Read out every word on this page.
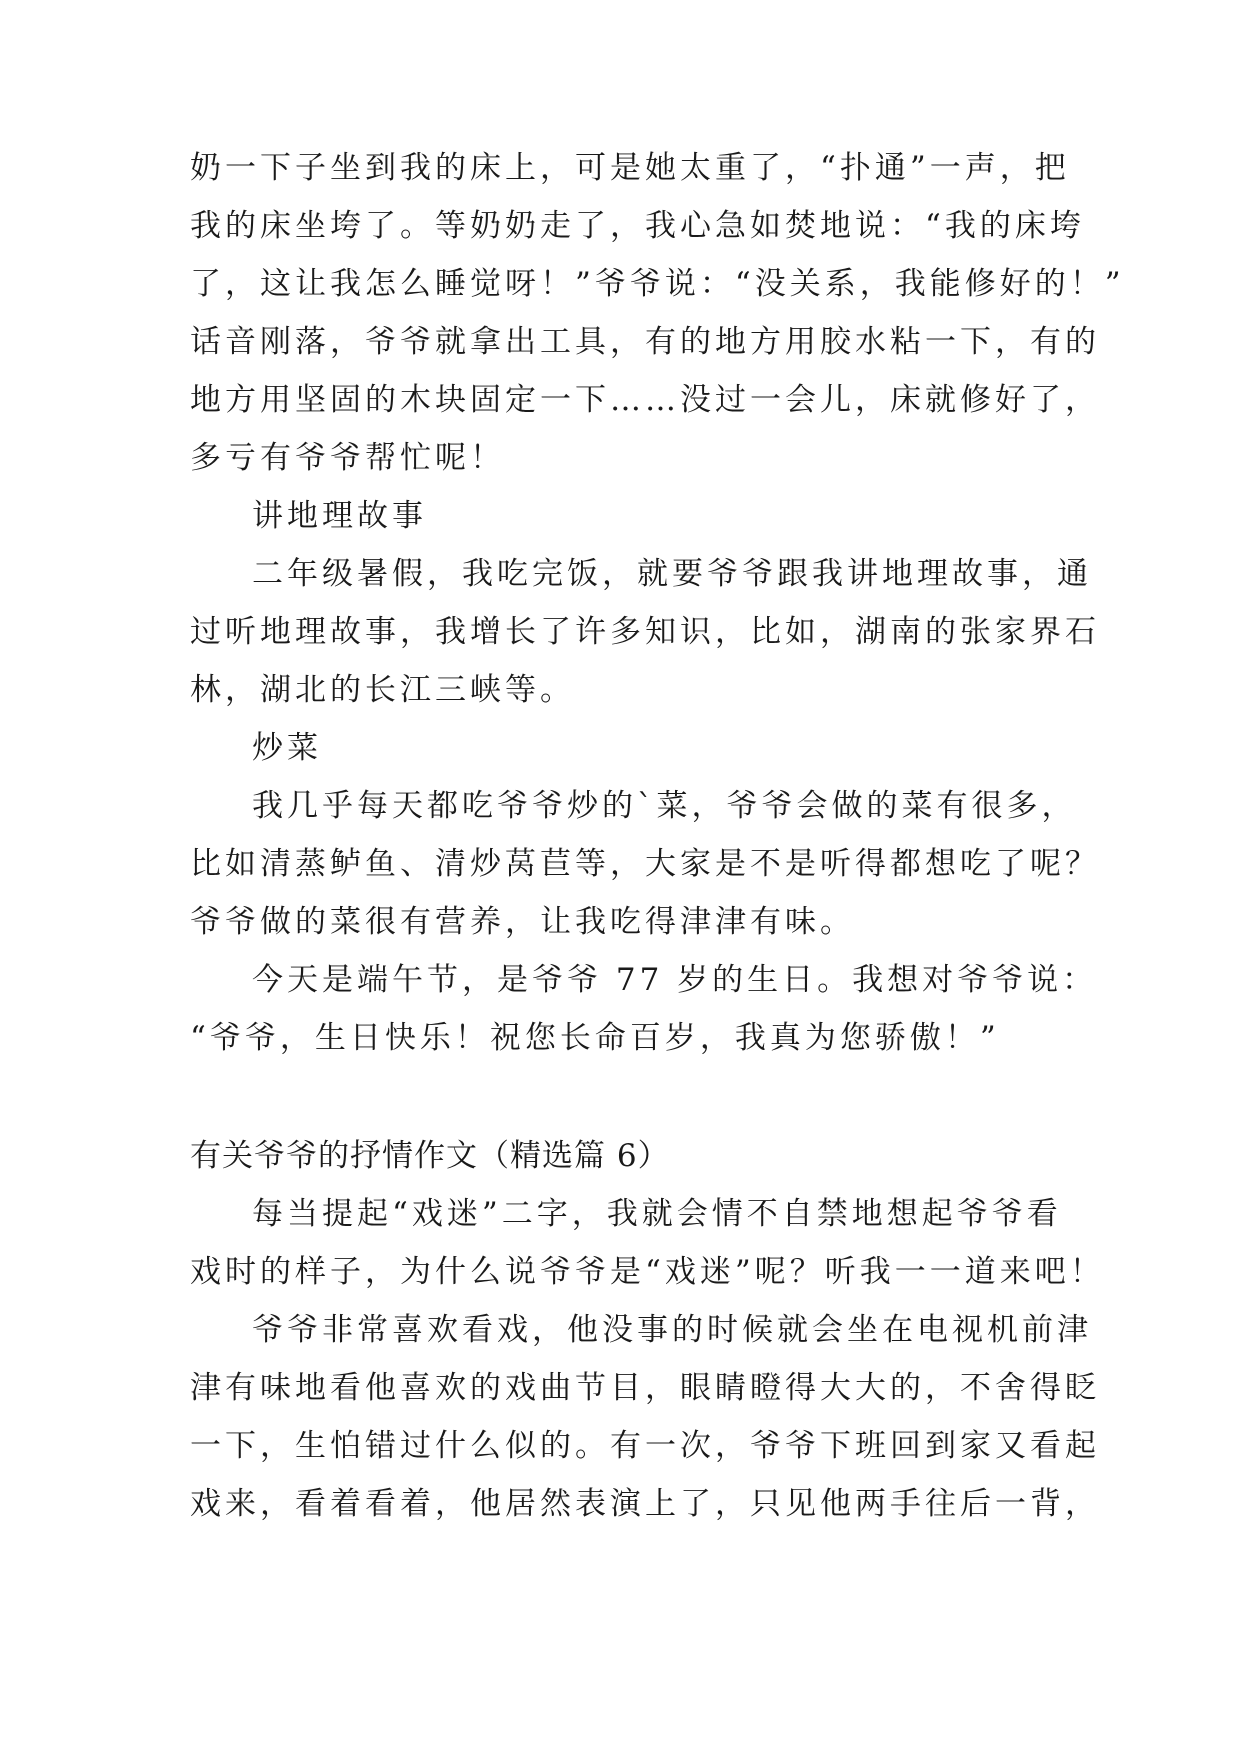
奶一下子坐到我的床上，可是她太重了，“扑通”一声，把
我的床坐垮了。等奶奶走了，我心急如焚地说：“我的床垮
了，这让我怎么睡觉呀！”爷爷说：“没关系，我能修好的！”
话音刚落，爷爷就拿出工具，有的地方用胶水粘一下，有的
地方用坚固的木块固定一下……没过一会儿，床就修好了，
多亏有爷爷帮忙呢！
讲地理故事
二年级暑假，我吃完饭，就要爷爷跟我讲地理故事，通
过听地理故事，我增长了许多知识，比如，湖南的张家界石
林，湖北的长江三峡等。
炒菜
我几乎每天都吃爷爷炒的`菜，爷爷会做的菜有很多，
比如清蒸鲈鱼、清炒莴苣等，大家是不是听得都想吃了呢？
爷爷做的菜很有营养，让我吃得津津有味。
今天是端午节，是爷爷 77 岁的生日。我想对爷爷说：
“爷爷，生日快乐！祝您长命百岁，我真为您骄傲！”
有关爷爷的抒情作文（精选篇 6）
每当提起“戏迷”二字，我就会情不自禁地想起爷爷看
戏时的样子，为什么说爷爷是“戏迷”呢？听我一一道来吧！
爷爷非常喜欢看戏，他没事的时候就会坐在电视机前津
津有味地看他喜欢的戏曲节目，眼睛瞪得大大的，不舍得眨
一下，生怕错过什么似的。有一次，爷爷下班回到家又看起
戏来，看着看着，他居然表演上了，只见他两手往后一背，
